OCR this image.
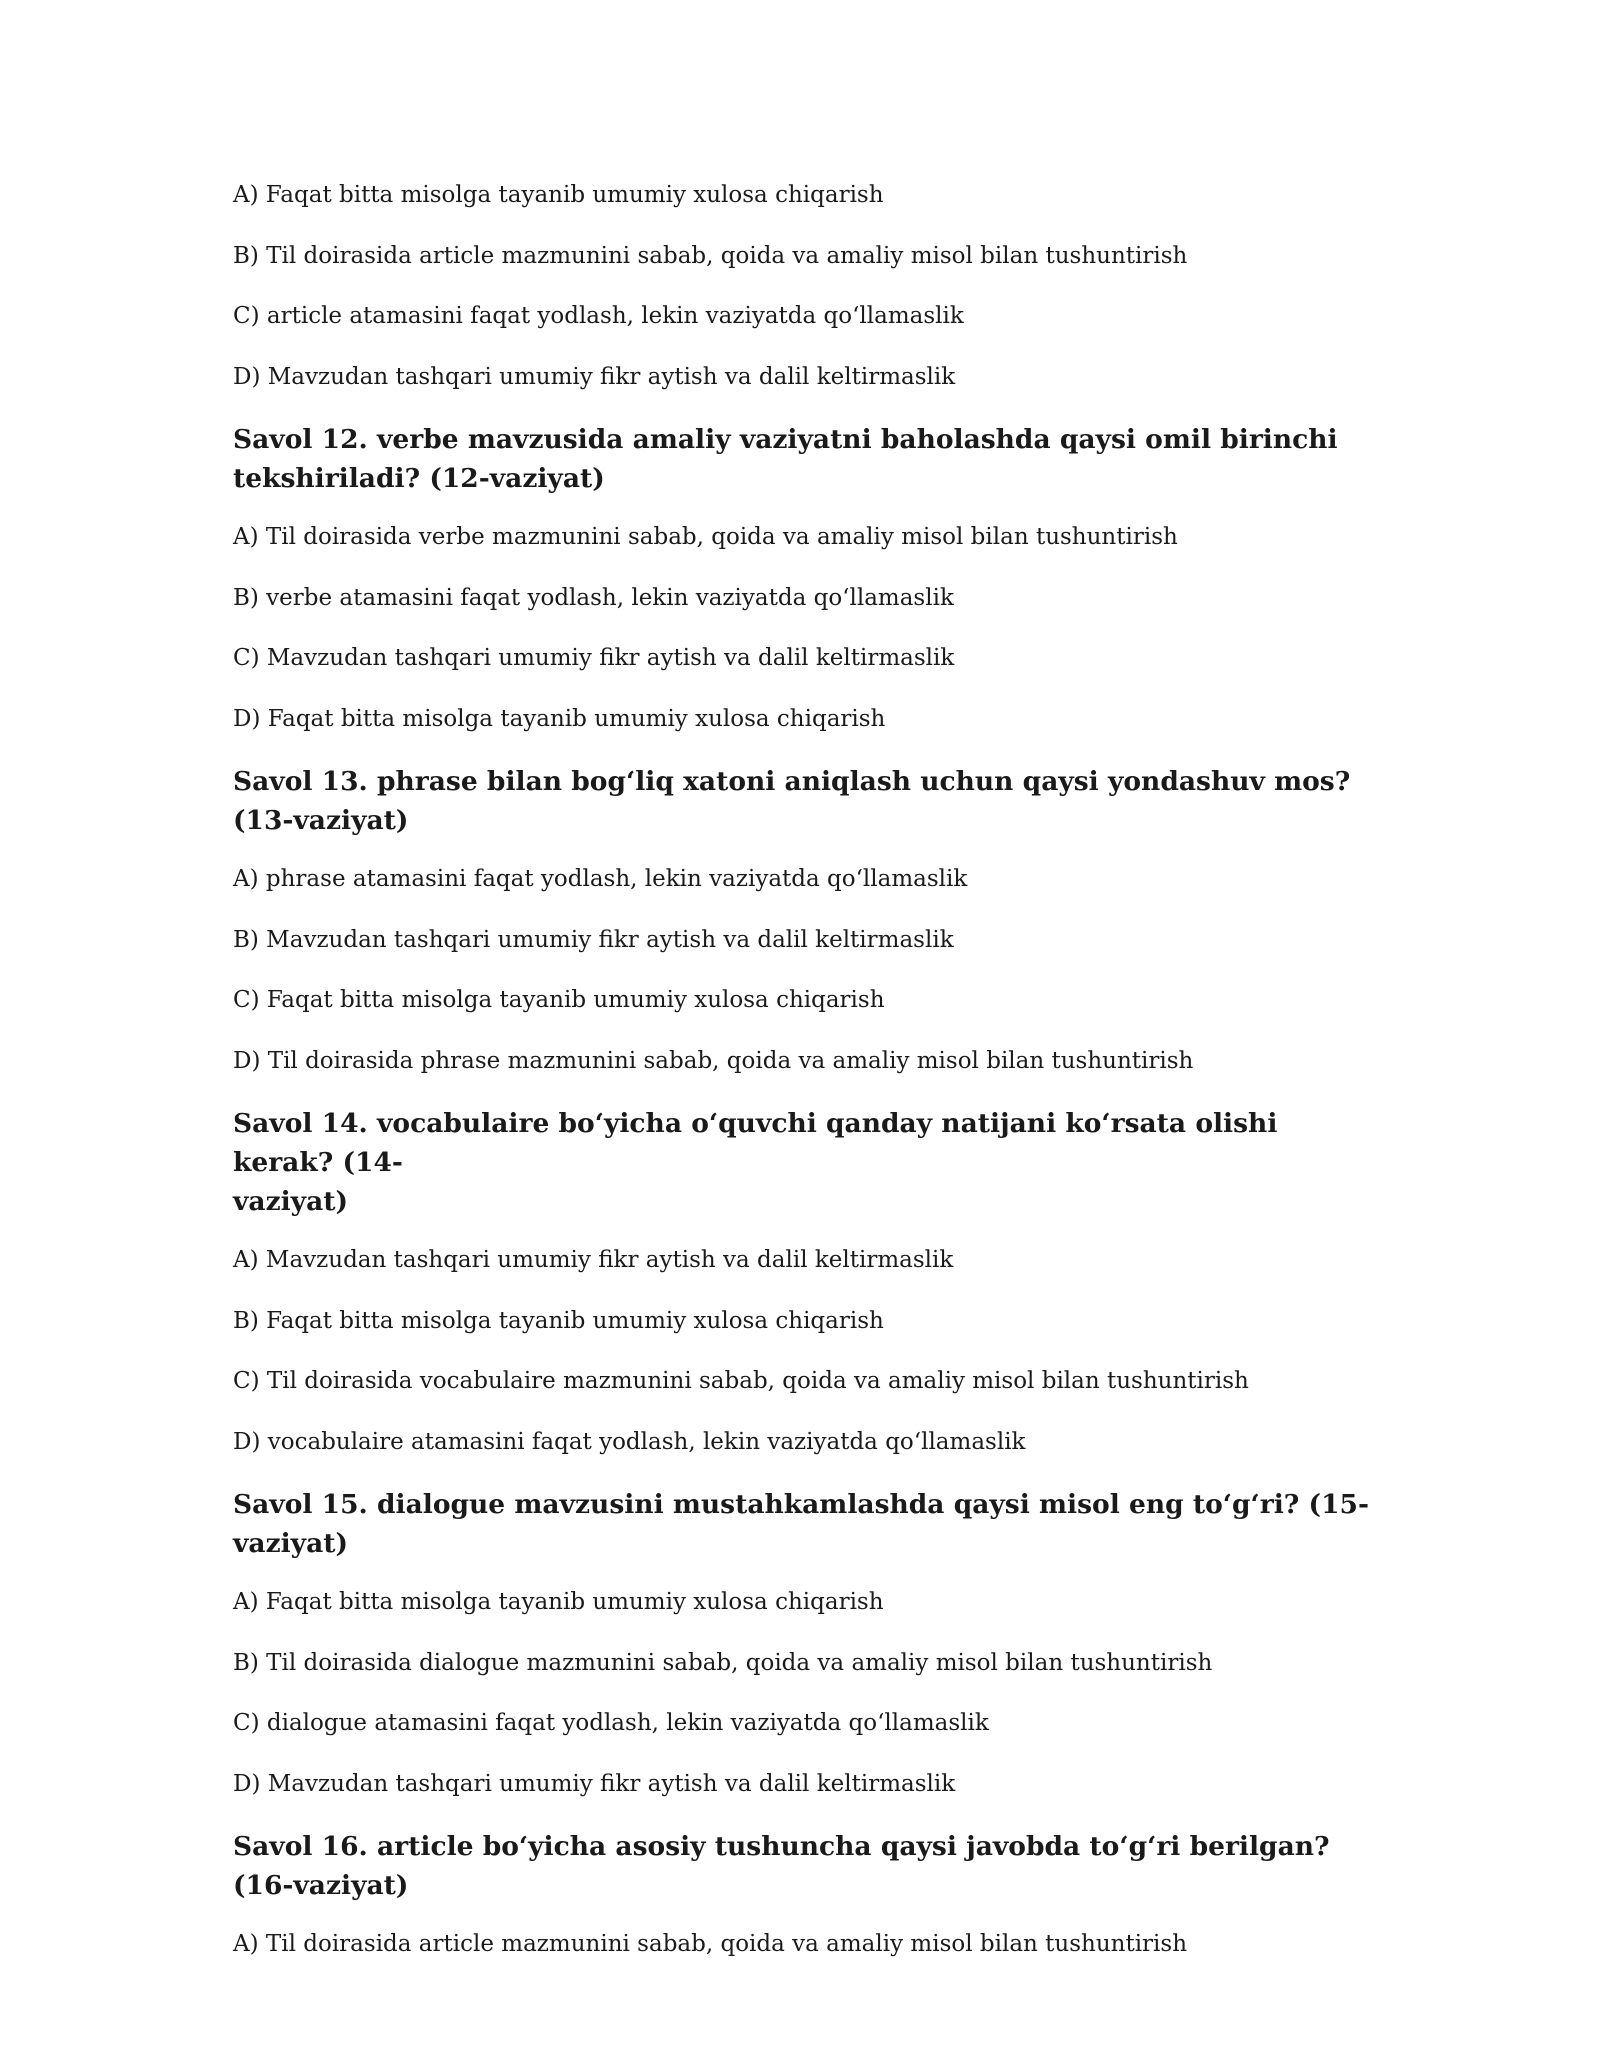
A) Faqat bitta misolga tayanib umumiy xulosa chiqarish
B) Til doirasida article mazmunini sabab, qoida va amaliy misol bilan tushuntirish
C) article atamasini faqat yodlash, lekin vaziyatda qo‘llamaslik
D) Mavzudan tashqari umumiy fikr aytish va dalil keltirmaslik
Savol 12. verbe mavzusida amaliy vaziyatni baholashda qaysi omil birinchi
tekshiriladi? (12-vaziyat)
A) Til doirasida verbe mazmunini sabab, qoida va amaliy misol bilan tushuntirish
B) verbe atamasini faqat yodlash, lekin vaziyatda qo‘llamaslik
C) Mavzudan tashqari umumiy fikr aytish va dalil keltirmaslik
D) Faqat bitta misolga tayanib umumiy xulosa chiqarish
Savol 13. phrase bilan bog‘liq xatoni aniqlash uchun qaysi yondashuv mos? (13-vaziyat)
A) phrase atamasini faqat yodlash, lekin vaziyatda qo‘llamaslik
B) Mavzudan tashqari umumiy fikr aytish va dalil keltirmaslik
C) Faqat bitta misolga tayanib umumiy xulosa chiqarish
D) Til doirasida phrase mazmunini sabab, qoida va amaliy misol bilan tushuntirish
Savol 14. vocabulaire bo‘yicha o‘quvchi qanday natijani ko‘rsata olishi kerak? (14-
vaziyat)
A) Mavzudan tashqari umumiy fikr aytish va dalil keltirmaslik
B) Faqat bitta misolga tayanib umumiy xulosa chiqarish
C) Til doirasida vocabulaire mazmunini sabab, qoida va amaliy misol bilan tushuntirish
D) vocabulaire atamasini faqat yodlash, lekin vaziyatda qo‘llamaslik
Savol 15. dialogue mavzusini mustahkamlashda qaysi misol eng to‘g‘ri? (15-vaziyat)
A) Faqat bitta misolga tayanib umumiy xulosa chiqarish
B) Til doirasida dialogue mazmunini sabab, qoida va amaliy misol bilan tushuntirish
C) dialogue atamasini faqat yodlash, lekin vaziyatda qo‘llamaslik
D) Mavzudan tashqari umumiy fikr aytish va dalil keltirmaslik
Savol 16. article bo‘yicha asosiy tushuncha qaysi javobda to‘g‘ri berilgan? (16-vaziyat)
A) Til doirasida article mazmunini sabab, qoida va amaliy misol bilan tushuntirish
